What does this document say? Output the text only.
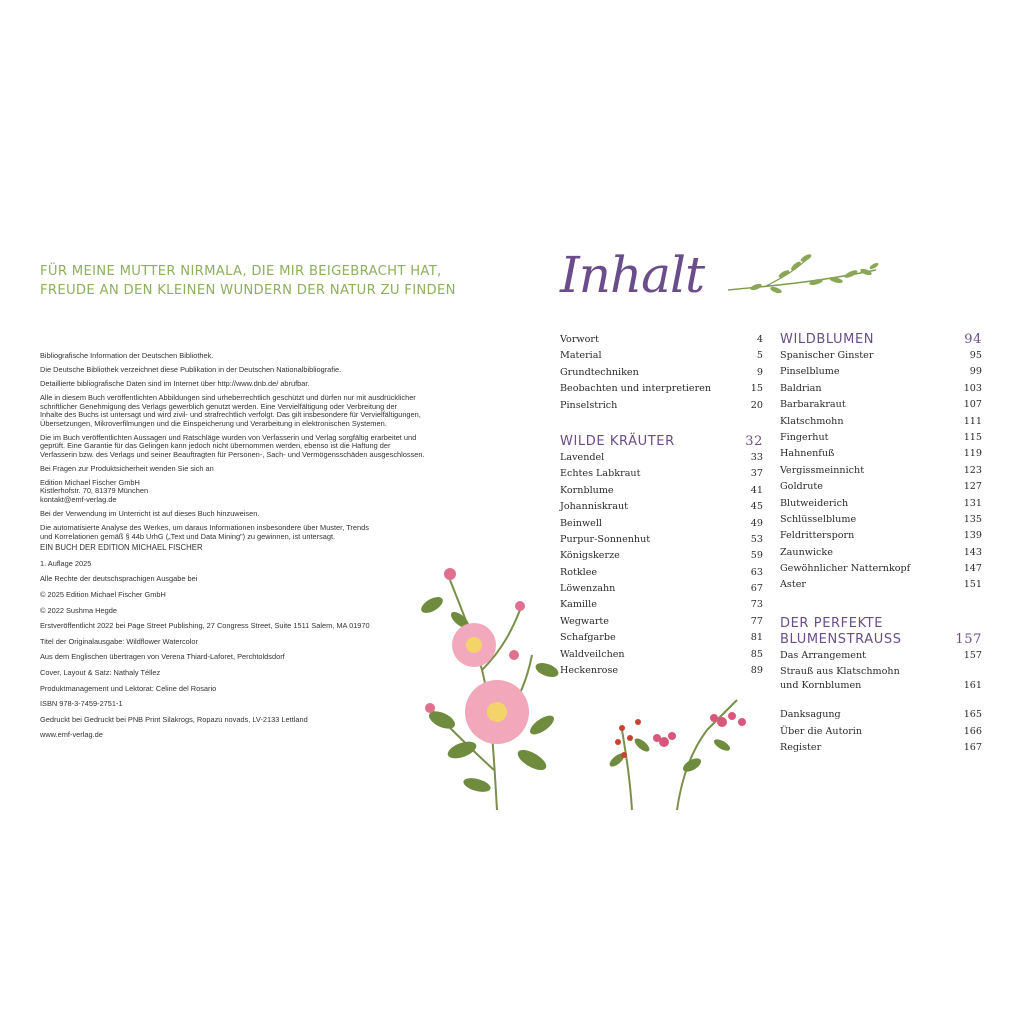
FÜR MEINE MUTTER NIRMALA, DIE MIR BEIGEBRACHT HAT,
FREUDE AN DEN KLEINEN WUNDERN DER NATUR ZU FINDEN

Bibliografische Information der Deutschen Bibliothek.

Die Deutsche Bibliothek verzeichnet diese Publikation in der Deutschen Nationalbibliografie.

Detaillierte bibliografische Daten sind im Internet über http://www.dnb.de/ abrufbar.

Alle in diesem Buch veröffentlichten Abbildungen sind urheberrechtlich geschützt und dürfen nur mit ausdrücklicher
schriftlicher Genehmigung des Verlags gewerblich genutzt werden. Eine Vervielfältigung oder Verbreitung der
Inhalte des Buchs ist untersagt und wird zivil- und strafrechtlich verfolgt. Das gilt insbesondere für Vervielfältigungen,
Übersetzungen, Mikroverfilmungen und die Einspeicherung und Verarbeitung in elektronischen Systemen.

Die im Buch veröffentlichten Aussagen und Ratschläge wurden von Verfasserin und Verlag sorgfältig erarbeitet und
geprüft. Eine Garantie für das Gelingen kann jedoch nicht übernommen werden, ebenso ist die Haftung der
Verfasserin bzw. des Verlags und seiner Beauftragten für Personen-, Sach- und Vermögensschäden ausgeschlossen.

Bei Fragen zur Produktsicherheit wenden Sie sich an

Edition Michael Fischer GmbH
Kistlerhofstr. 70, 81379 München
kontakt@emf-verlag.de

Bei der Verwendung im Unterricht ist auf dieses Buch hinzuweisen.

Die automatisierte Analyse des Werkes, um daraus Informationen insbesondere über Muster, Trends
und Korrelationen gemäß § 44b UrhG („Text und Data Mining") zu gewinnen, ist untersagt.

EIN BUCH DER EDITION MICHAEL FISCHER

1. Auflage 2025

Alle Rechte der deutschsprachigen Ausgabe bei

© 2025 Edition Michael Fischer GmbH

© 2022 Sushma Hegde

Erstveröffentlicht 2022 bei Page Street Publishing, 27 Congress Street, Suite 1511 Salem, MA 01970

Titel der Originalausgabe: Wildflower Watercolor

Aus dem Englischen übertragen von Verena Thiard-Laforet, Perchtoldsdorf

Cover, Layout & Satz: Nathaly Téllez

Produktmanagement und Lektorat: Celine del Rosario

ISBN 978-3-7459-2751-1

Gedruckt bei Gedruckt bei PNB Print Silakrogs, Ropazu novads, LV-2133 Lettland

www.emf-verlag.de

Inhalt
Vorwort	4
Material	5
Grundtechniken	9
Beobachten und interpretieren	15
Pinselstrich	20
WILDE KRÄUTER	32
Lavendel	33
Echtes Labkraut	37
Kornblume	41
Johanniskraut	45
Beinwell	49
Purpur-Sonnenhut	53
Königskerze	59
Rotklee	63
Löwenzahn	67
Kamille	73
Wegwarte	77
Schafgarbe	81
Waldveilchen	85
Heckenrose	89
WILDBLUMEN	94
Spanischer Ginster	95
Pinselblume	99
Baldrian	103
Barbarakraut	107
Klatschmohn	111
Fingerhut	115
Hahnenfuß	119
Vergissmeinnicht	123
Goldrute	127
Blutweiderich	131
Schlüsselblume	135
Feldrittersporn	139
Zaunwicke	143
Gewöhnlicher Natternkopf	147
Aster	151
DER PERFEKTE
BLUMENSTRAUSS	157
Das Arrangement	157
Strauß aus Klatschmohn
und Kornblumen	161
Danksagung	165
Über die Autorin	166
Register	167
